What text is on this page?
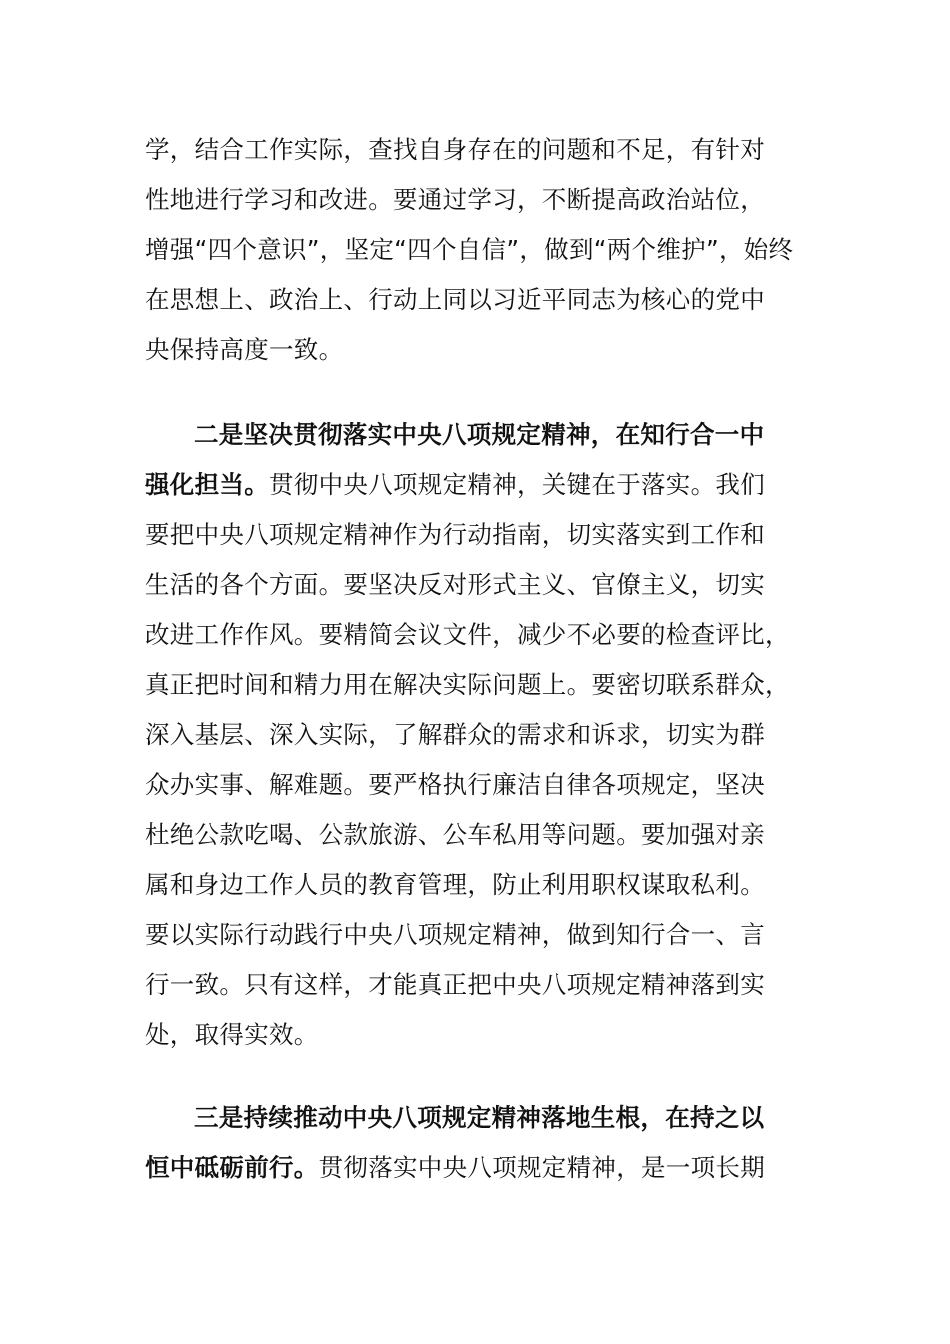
学，结合工作实际，查找自身存在的问题和不足，有针对
性地进行学习和改进。要通过学习，不断提高政治站位，
增强“四个意识”，坚定“四个自信”，做到“两个维护”，始终
在思想上、政治上、行动上同以习近平同志为核心的党中
央保持高度一致。
二是坚决贯彻落实中央八项规定精神，在知行合一中
强化担当。贯彻中央八项规定精神，关键在于落实。我们
要把中央八项规定精神作为行动指南，切实落实到工作和
生活的各个方面。要坚决反对形式主义、官僚主义，切实
改进工作作风。要精简会议文件，减少不必要的检查评比，
真正把时间和精力用在解决实际问题上。要密切联系群众，
深入基层、深入实际，了解群众的需求和诉求，切实为群
众办实事、解难题。要严格执行廉洁自律各项规定，坚决
杜绝公款吃喝、公款旅游、公车私用等问题。要加强对亲
属和身边工作人员的教育管理，防止利用职权谋取私利。
要以实际行动践行中央八项规定精神，做到知行合一、言
行一致。只有这样，才能真正把中央八项规定精神落到实
处，取得实效。
三是持续推动中央八项规定精神落地生根，在持之以
恒中砥砺前行。贯彻落实中央八项规定精神，是一项长期
